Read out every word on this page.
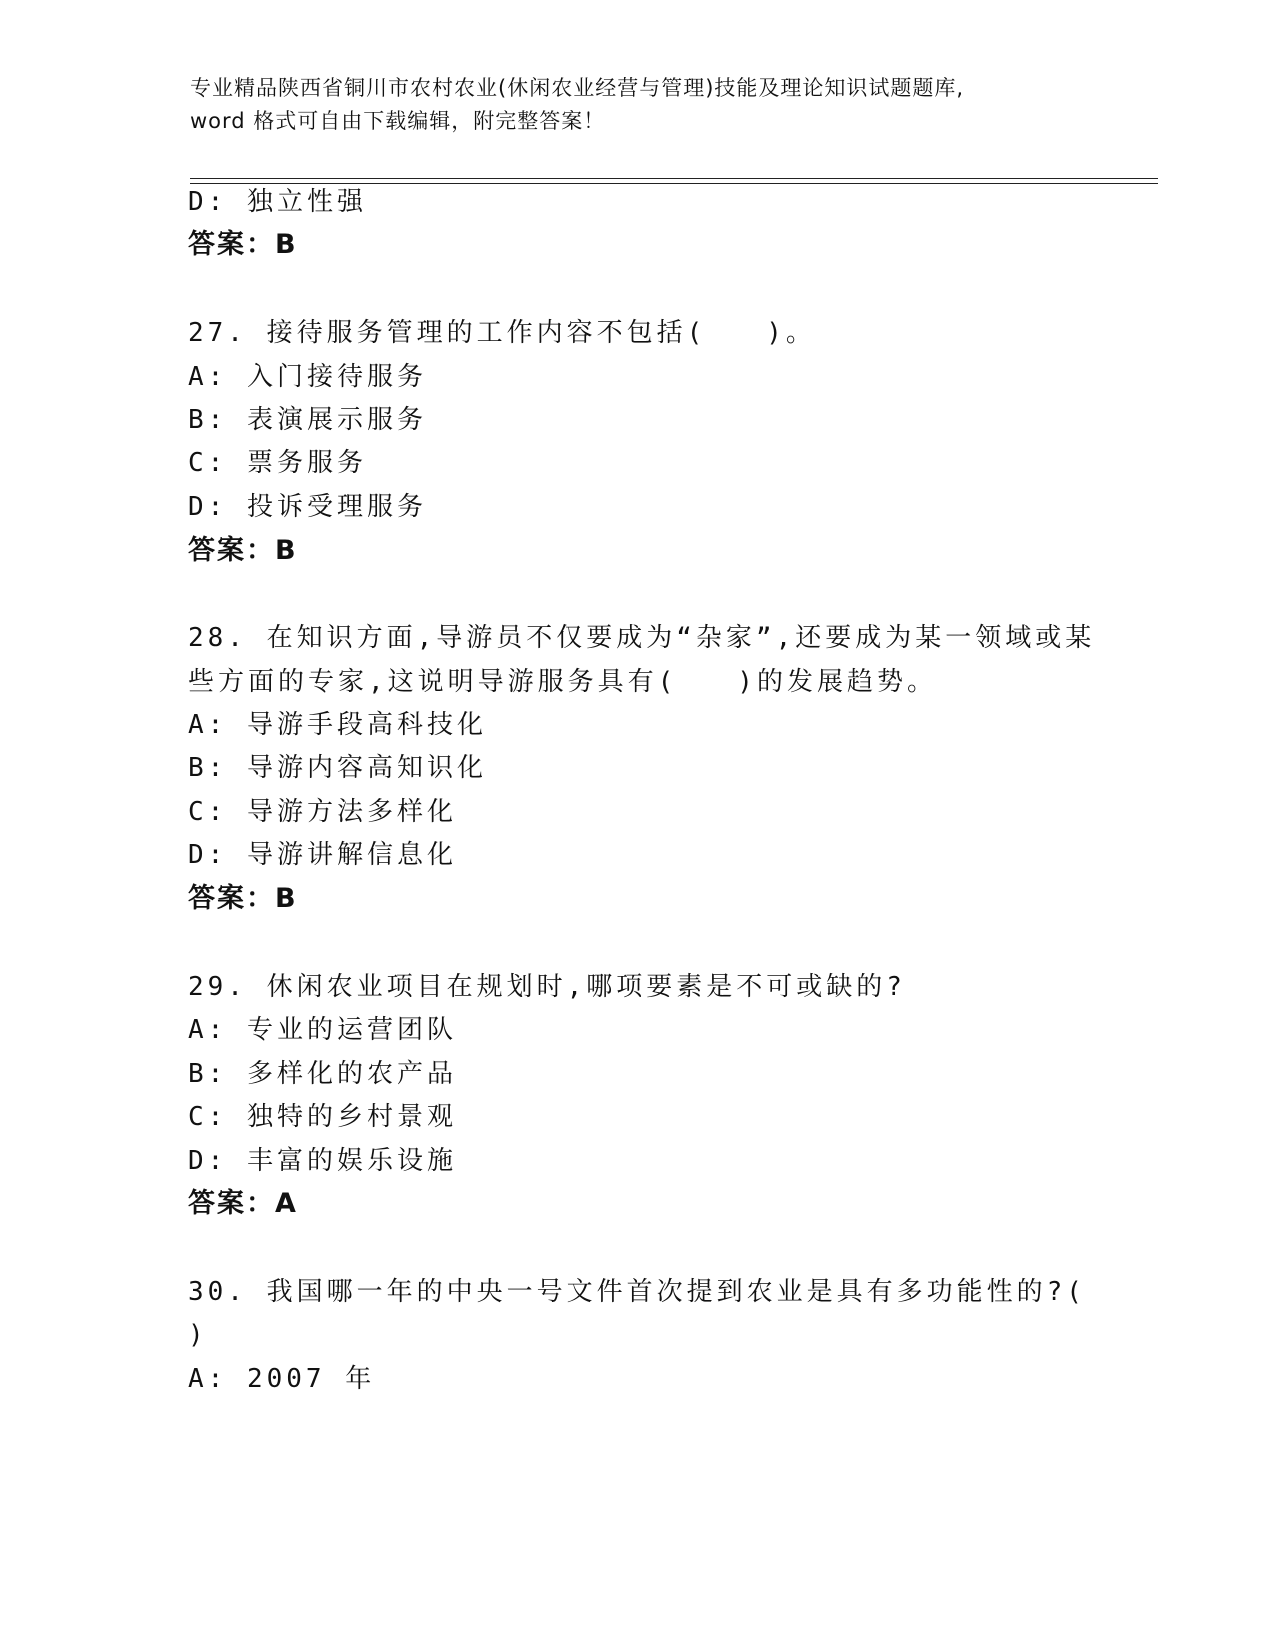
专业精品陕西省铜川市农村农业(休闲农业经营与管理)技能及理论知识试题题库,
word 格式可自由下载编辑，附完整答案！
D: 独立性强
答案：B
27. 接待服务管理的工作内容不包括(　　)。
A: 入门接待服务
B: 表演展示服务
C: 票务服务
D: 投诉受理服务
答案：B
28. 在知识方面,导游员不仅要成为“杂家”,还要成为某一领域或某
些方面的专家,这说明导游服务具有(　　)的发展趋势。
A: 导游手段高科技化
B: 导游内容高知识化
C: 导游方法多样化
D: 导游讲解信息化
答案：B
29. 休闲农业项目在规划时,哪项要素是不可或缺的?
A: 专业的运营团队
B: 多样化的农产品
C: 独特的乡村景观
D: 丰富的娱乐设施
答案：A
30. 我国哪一年的中央一号文件首次提到农业是具有多功能性的?(
)
A: 2007 年
